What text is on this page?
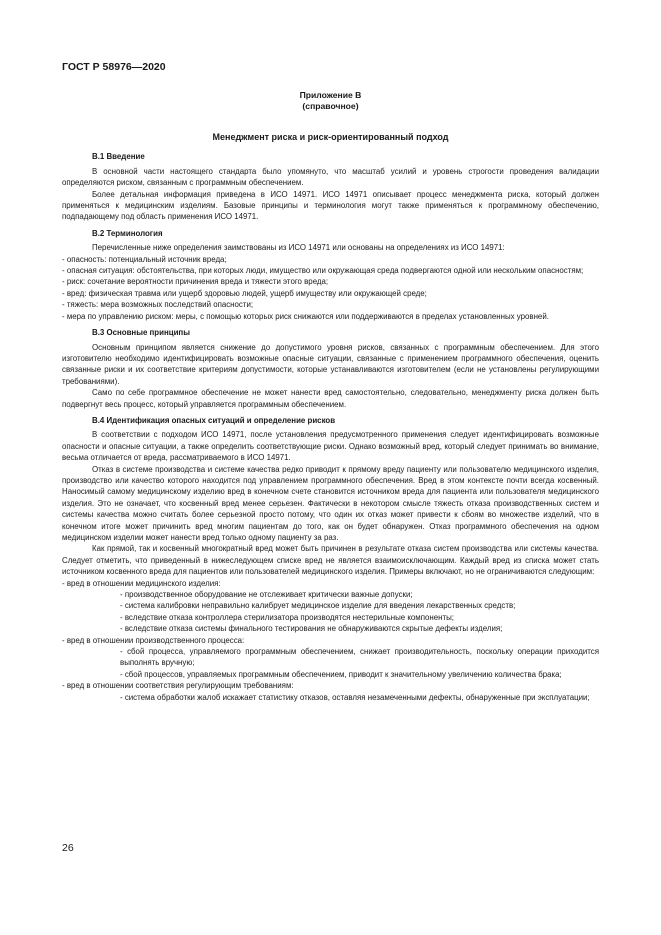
ГОСТ Р 58976—2020
Приложение В
(справочное)
Менеджмент риска и риск-ориентированный подход
В.1 Введение

В основной части настоящего стандарта было упомянуто, что масштаб усилий и уровень строгости проведения валидации определяются риском, связанным с программным обеспечением.

Более детальная информация приведена в ИСО 14971. ИСО 14971 описывает процесс менеджмента риска, который должен применяться к медицинским изделиям. Базовые принципы и терминология могут также применяться к программному обеспечению, подпадающему под область применения ИСО 14971.

В.2 Терминология

Перечисленные ниже определения заимствованы из ИСО 14971 или основаны на определениях из ИСО 14971:

- опасность: потенциальный источник вреда;
- опасная ситуация: обстоятельства, при которых люди, имущество или окружающая среда подвергаются одной или нескольким опасностям;
- риск: сочетание вероятности причинения вреда и тяжести этого вреда;
- вред: физическая травма или ущерб здоровью людей, ущерб имуществу или окружающей среде;
- тяжесть: мера возможных последствий опасности;
- мера по управлению риском: меры, с помощью которых риск снижаются или поддерживаются в пределах установленных уровней.
В.3 Основные принципы

Основным принципом является снижение до допустимого уровня рисков, связанных с программным обеспечением. Для этого изготовителю необходимо идентифицировать возможные опасные ситуации, связанные с применением программного обеспечения, оценить связанные риски и их соответствие критериям допустимости, которые устанавливаются изготовителем (если не установлены регулирующими требованиями).

Само по себе программное обеспечение не может нанести вред самостоятельно, следовательно, менеджменту риска должен быть подвергнут весь процесс, который управляется программным обеспечением.

В.4 Идентификация опасных ситуаций и определение рисков

В соответствии с подходом ИСО 14971, после установления предусмотренного применения следует идентифицировать возможные опасности и опасные ситуации, а также определить соответствующие риски. Однако возможный вред, который следует принимать во внимание, весьма отличается от вреда, рассматриваемого в ИСО 14971.

Отказ в системе производства и системе качества редко приводит к прямому вреду пациенту или пользователю медицинского изделия, производство или качество которого находится под управлением программного обеспечения. Вред в этом контексте почти всегда косвенный. Наносимый самому медицинскому изделию вред в конечном счете становится источником вреда для пациента или пользователя медицинского изделия. Это не означает, что косвенный вред менее серьезен. Фактически в некотором смысле тяжесть отказа производственных систем и системы качества можно считать более серьезной просто потому, что один их отказ может привести к сбоям во множестве изделий, что в конечном итоге может причинить вред многим пациентам до того, как он будет обнаружен. Отказ программного обеспечения на одном медицинском изделии может нанести вред только одному пациенту за раз.

Как прямой, так и косвенный многократный вред может быть причинен в результате отказа систем производства или системы качества. Следует отметить, что приведенный в нижеследующем списке вред не является взаимоисключающим. Каждый вред из списка может стать источником косвенного вреда для пациентов или пользователей медицинского изделия. Примеры включают, но не ограничиваются следующим:

- вред в отношении медицинского изделия:
- производственное оборудование не отслеживает критически важные допуски;
- система калибровки неправильно калибрует медицинское изделие для введения лекарственных средств;
- вследствие отказа контроллера стерилизатора производятся нестерильные компоненты;
- вследствие отказа системы финального тестирования не обнаруживаются скрытые дефекты изделия;
- вред в отношении производственного процесса:
- сбой процесса, управляемого программным обеспечением, снижает производительность, поскольку операции приходится выполнять вручную;
- сбой процессов, управляемых программным обеспечением, приводит к значительному увеличению количества брака;
- вред в отношении соответствия регулирующим требованиям:
- система обработки жалоб искажает статистику отказов, оставляя незамеченными дефекты, обнаруженные при эксплуатации;
26
